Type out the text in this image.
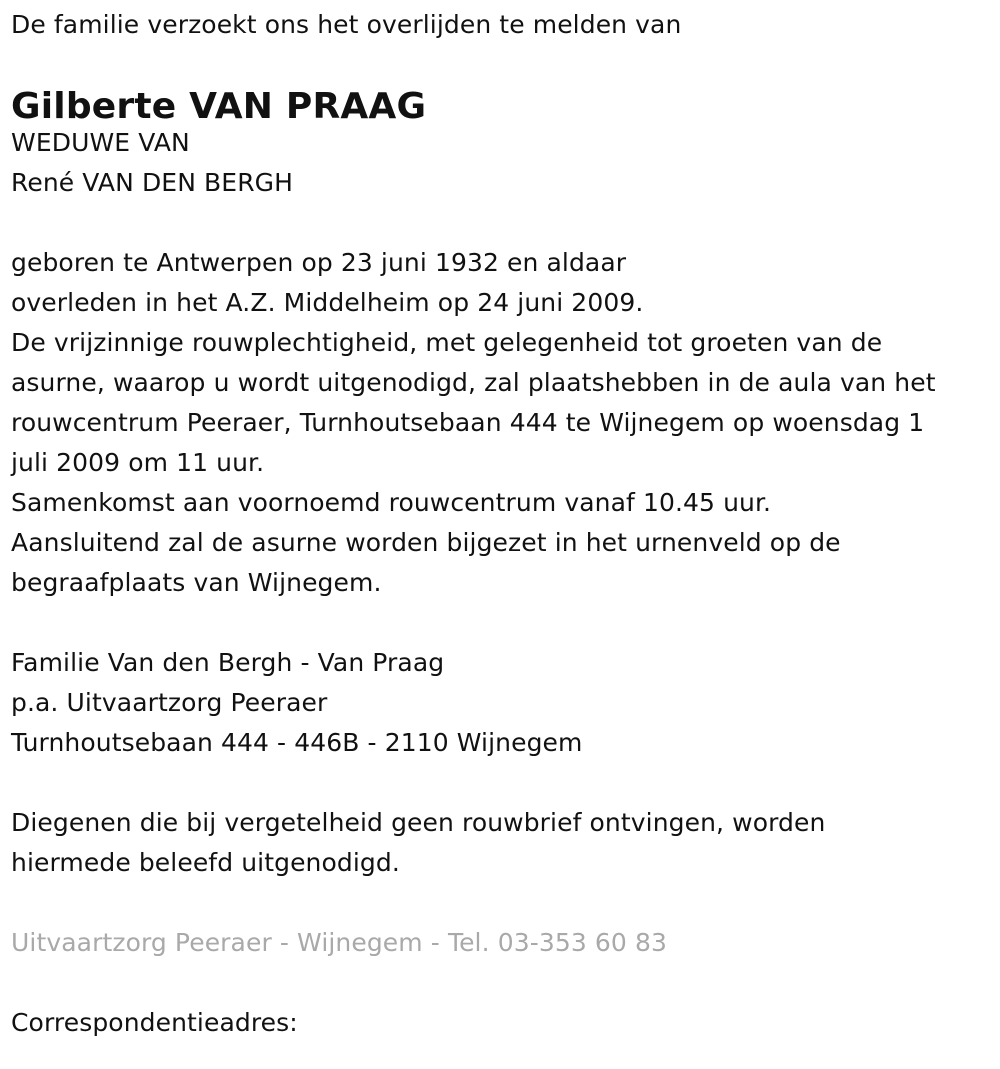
De familie verzoekt ons het overlijden te melden van
Gilberte VAN PRAAG
WEDUWE VAN
René VAN DEN BERGH
geboren te Antwerpen op 23 juni 1932 en aldaar
overleden in het A.Z. Middelheim op 24 juni 2009.
De vrijzinnige rouwplechtigheid, met gelegenheid tot groeten van de
asurne, waarop u wordt uitgenodigd, zal plaatshebben in de aula van het
rouwcentrum Peeraer, Turnhoutsebaan 444 te Wijnegem op woensdag 1
juli 2009 om 11 uur.
Samenkomst aan voornoemd rouwcentrum vanaf 10.45 uur.
Aansluitend zal de asurne worden bijgezet in het urnenveld op de
begraafplaats van Wijnegem.
Familie Van den Bergh - Van Praag
p.a. Uitvaartzorg Peeraer
Turnhoutsebaan 444 - 446B - 2110 Wijnegem
Diegenen die bij vergetelheid geen rouwbrief ontvingen, worden
hiermede beleefd uitgenodigd.
Uitvaartzorg Peeraer - Wijnegem - Tel. 03-353 60 83
Correspondentieadres:
